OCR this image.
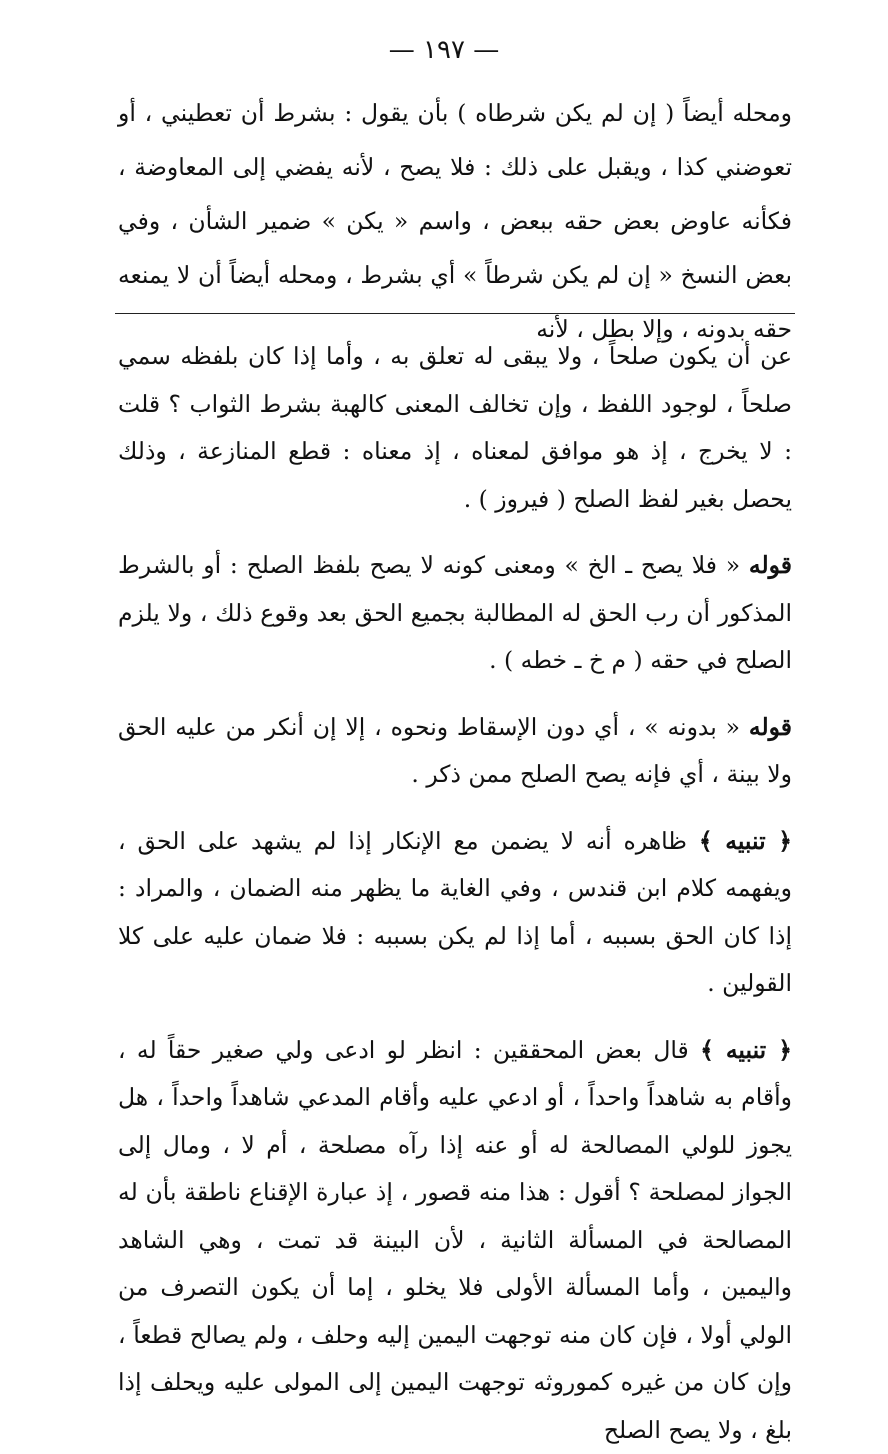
— ١٩٧ —

ومحله أيضاً ( إن لم يكن شرطاه ) بأن يقول : بشرط أن تعطيني ، أو تعوضني كذا ، ويقبل على ذلك : فلا يصح ، لأنه يفضي إلى المعاوضة ، فكأنه عاوض بعض حقه ببعض ، واسم « يكن » ضمير الشأن ، وفي بعض النسخ « إن لم يكن شرطاً » أي بشرط ، ومحله أيضاً أن لا يمنعه حقه بدونه ، وإلا بطل ، لأنه

عن أن يكون صلحاً ، ولا يبقى له تعلق به ، وأما إذا كان بلفظه سمي صلحاً ، لوجود اللفظ ، وإن تخالف المعنى كالهبة بشرط الثواب ؟ قلت : لا يخرج ، إذ هو موافق لمعناه ، إذ معناه : قطع المنازعة ، وذلك يحصل بغير لفظ الصلح ( فيروز ) .

قوله « فلا يصح ـ الخ » ومعنى كونه لا يصح بلفظ الصلح : أو بالشرط المذكور أن رب الحق له المطالبة بجميع الحق بعد وقوع ذلك ، ولا يلزم الصلح في حقه ( م خ ـ خطه ) .

قوله « بدونه » ، أي دون الإسقاط ونحوه ، إلا إن أنكر من عليه الحق ولا بينة ، أي فإنه يصح الصلح ممن ذكر .

﴿ تنبيه ﴾ ظاهره أنه لا يضمن مع الإنكار إذا لم يشهد على الحق ، ويفهمه كلام ابن قندس ، وفي الغاية ما يظهر منه الضمان ، والمراد : إذا كان الحق بسببه ، أما إذا لم يكن بسببه : فلا ضمان عليه على كلا القولين .

﴿ تنبيه ﴾ قال بعض المحققين : انظر لو ادعى ولي صغير حقاً له ، وأقام به شاهداً واحداً ، أو ادعي عليه وأقام المدعي شاهداً واحداً ، هل يجوز للولي المصالحة له أو عنه إذا رآه مصلحة ، أم لا ، ومال إلى الجواز لمصلحة ؟ أقول : هذا منه قصور ، إذ عبارة الإقناع ناطقة بأن له المصالحة في المسألة الثانية ، لأن البينة قد تمت ، وهي الشاهد واليمين ، وأما المسألة الأولى فلا يخلو ، إما أن يكون التصرف من الولي أولا ، فإن كان منه توجهت اليمين إليه وحلف ، ولم يصالح قطعاً ، وإن كان من غيره كموروثه توجهت اليمين إلى المولى عليه ويحلف إذا بلغ ، ولا يصح الصلح
